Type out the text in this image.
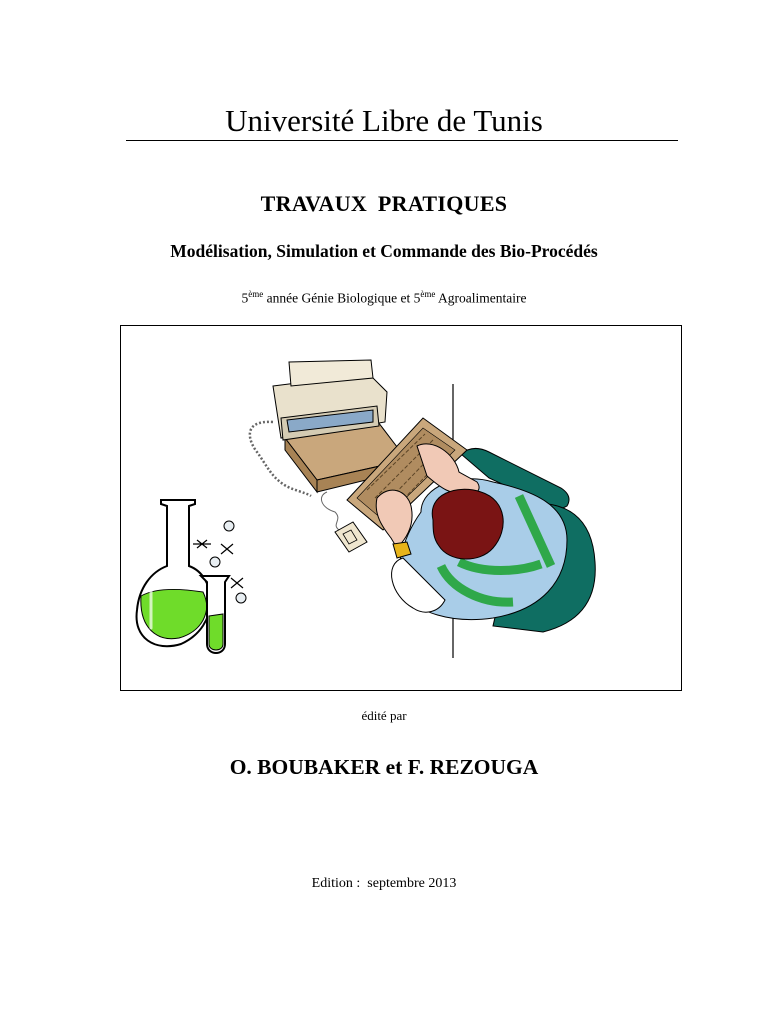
Université Libre de Tunis
TRAVAUX PRATIQUES
Modélisation, Simulation et Commande des Bio-Procédés
5ème année Génie Biologique et 5ème Agroalimentaire
édité par
O. BOUBAKER et F. REZOUGA
Edition :  septembre 2013
